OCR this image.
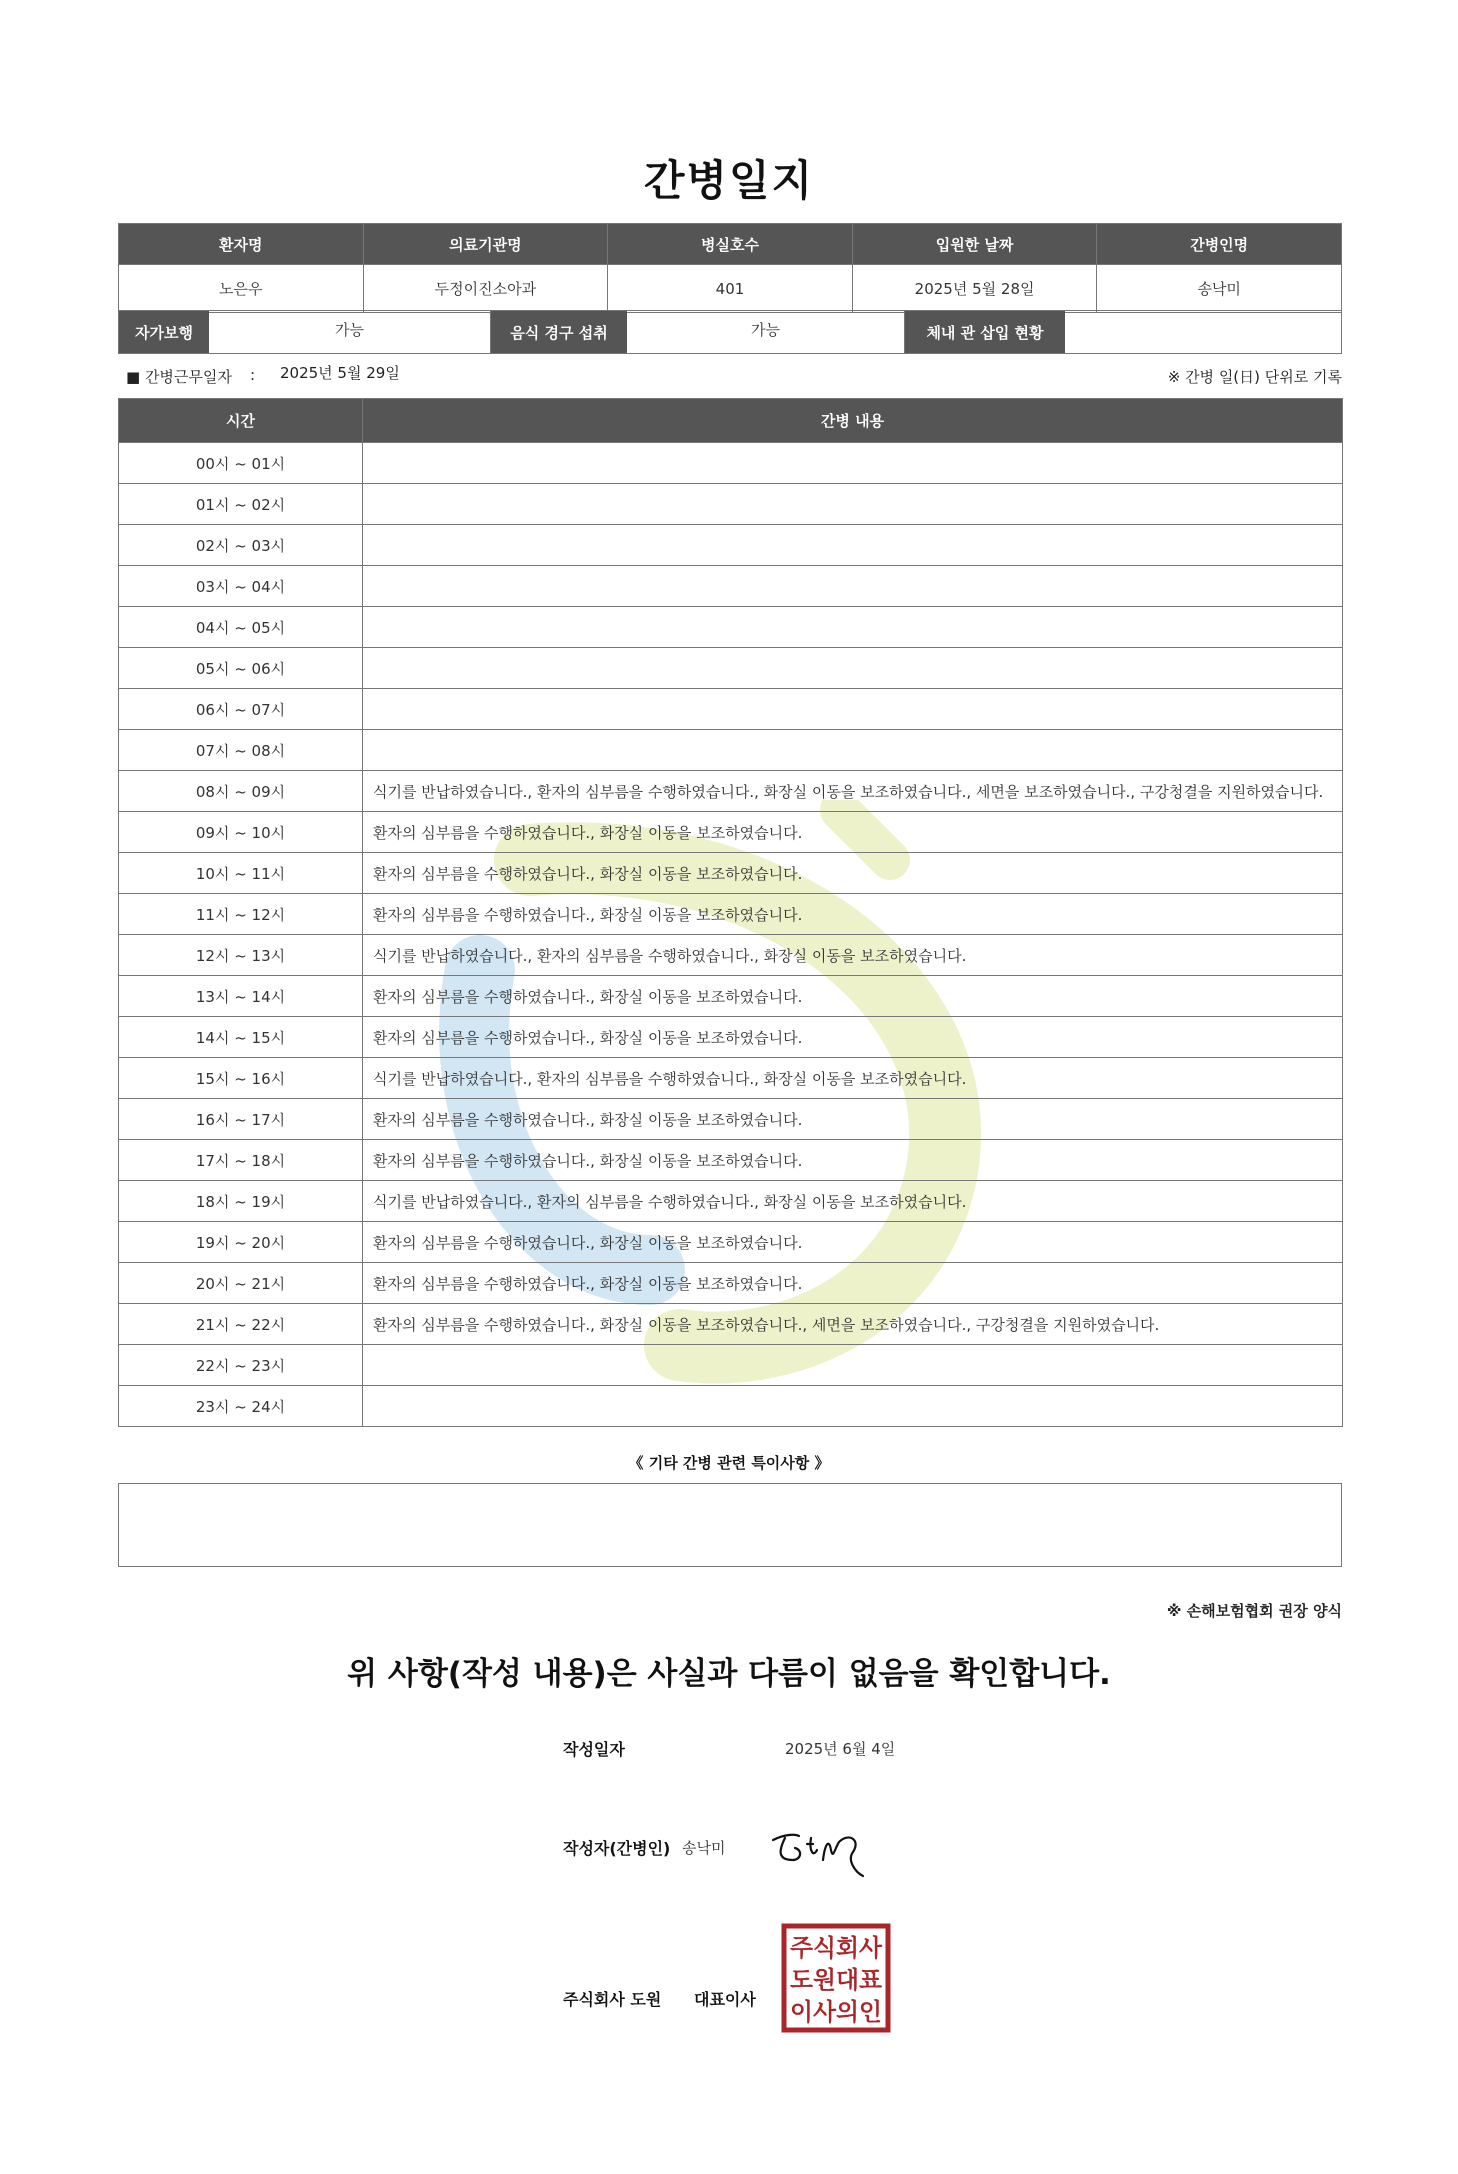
간병일지
환자명	의료기관명	병실호수	입원한 날짜	간병인명
노은우	두정이진소아과	401	2025년 5월 28일	송낙미
자가보행	가능	음식 경구 섭취	가능	체내 관 삽입 현황
■ 간병근무일자 : 2025년 5월 29일	※ 간병 일(日) 단위로 기록
시간	간병 내용
00시 ~ 01시	
01시 ~ 02시	
02시 ~ 03시	
03시 ~ 04시	
04시 ~ 05시	
05시 ~ 06시	
06시 ~ 07시	
07시 ~ 08시	
08시 ~ 09시	식기를 반납하였습니다., 환자의 심부름을 수행하였습니다., 화장실 이동을 보조하였습니다., 세면을 보조하였습니다., 구강청결을 지원하였습니다.
09시 ~ 10시	환자의 심부름을 수행하였습니다., 화장실 이동을 보조하였습니다.
10시 ~ 11시	환자의 심부름을 수행하였습니다., 화장실 이동을 보조하였습니다.
11시 ~ 12시	환자의 심부름을 수행하였습니다., 화장실 이동을 보조하였습니다.
12시 ~ 13시	식기를 반납하였습니다., 환자의 심부름을 수행하였습니다., 화장실 이동을 보조하였습니다.
13시 ~ 14시	환자의 심부름을 수행하였습니다., 화장실 이동을 보조하였습니다.
14시 ~ 15시	환자의 심부름을 수행하였습니다., 화장실 이동을 보조하였습니다.
15시 ~ 16시	식기를 반납하였습니다., 환자의 심부름을 수행하였습니다., 화장실 이동을 보조하였습니다.
16시 ~ 17시	환자의 심부름을 수행하였습니다., 화장실 이동을 보조하였습니다.
17시 ~ 18시	환자의 심부름을 수행하였습니다., 화장실 이동을 보조하였습니다.
18시 ~ 19시	식기를 반납하였습니다., 환자의 심부름을 수행하였습니다., 화장실 이동을 보조하였습니다.
19시 ~ 20시	환자의 심부름을 수행하였습니다., 화장실 이동을 보조하였습니다.
20시 ~ 21시	환자의 심부름을 수행하였습니다., 화장실 이동을 보조하였습니다.
21시 ~ 22시	환자의 심부름을 수행하였습니다., 화장실 이동을 보조하였습니다., 세면을 보조하였습니다., 구강청결을 지원하였습니다.
22시 ~ 23시	
23시 ~ 24시	
《 기타 간병 관련 특이사항 》
※ 손해보험협회 권장 양식
위 사항(작성 내용)은 사실과 다름이 없음을 확인합니다.
작성일자	2025년 6월 4일
작성자(간병인) 송낙미
주식회사 도원 대표이사
주식회사
도원대표
이사의인
